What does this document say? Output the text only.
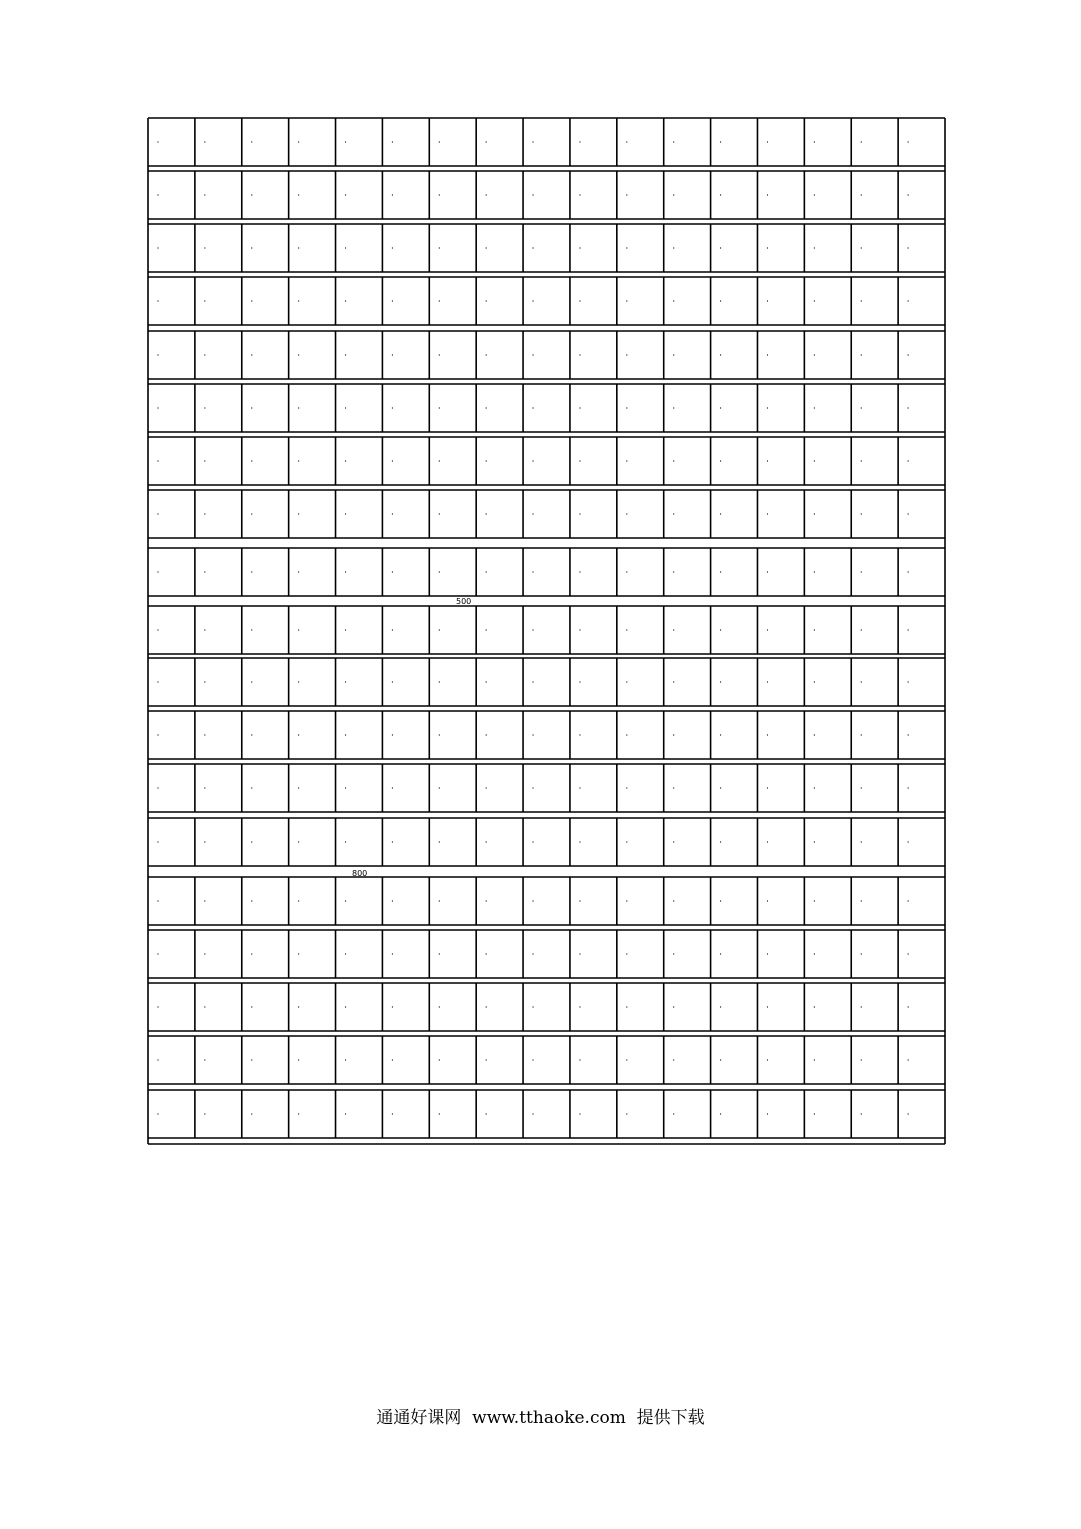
500
800
通通好课网  www.tthaoke.com  提供下载
